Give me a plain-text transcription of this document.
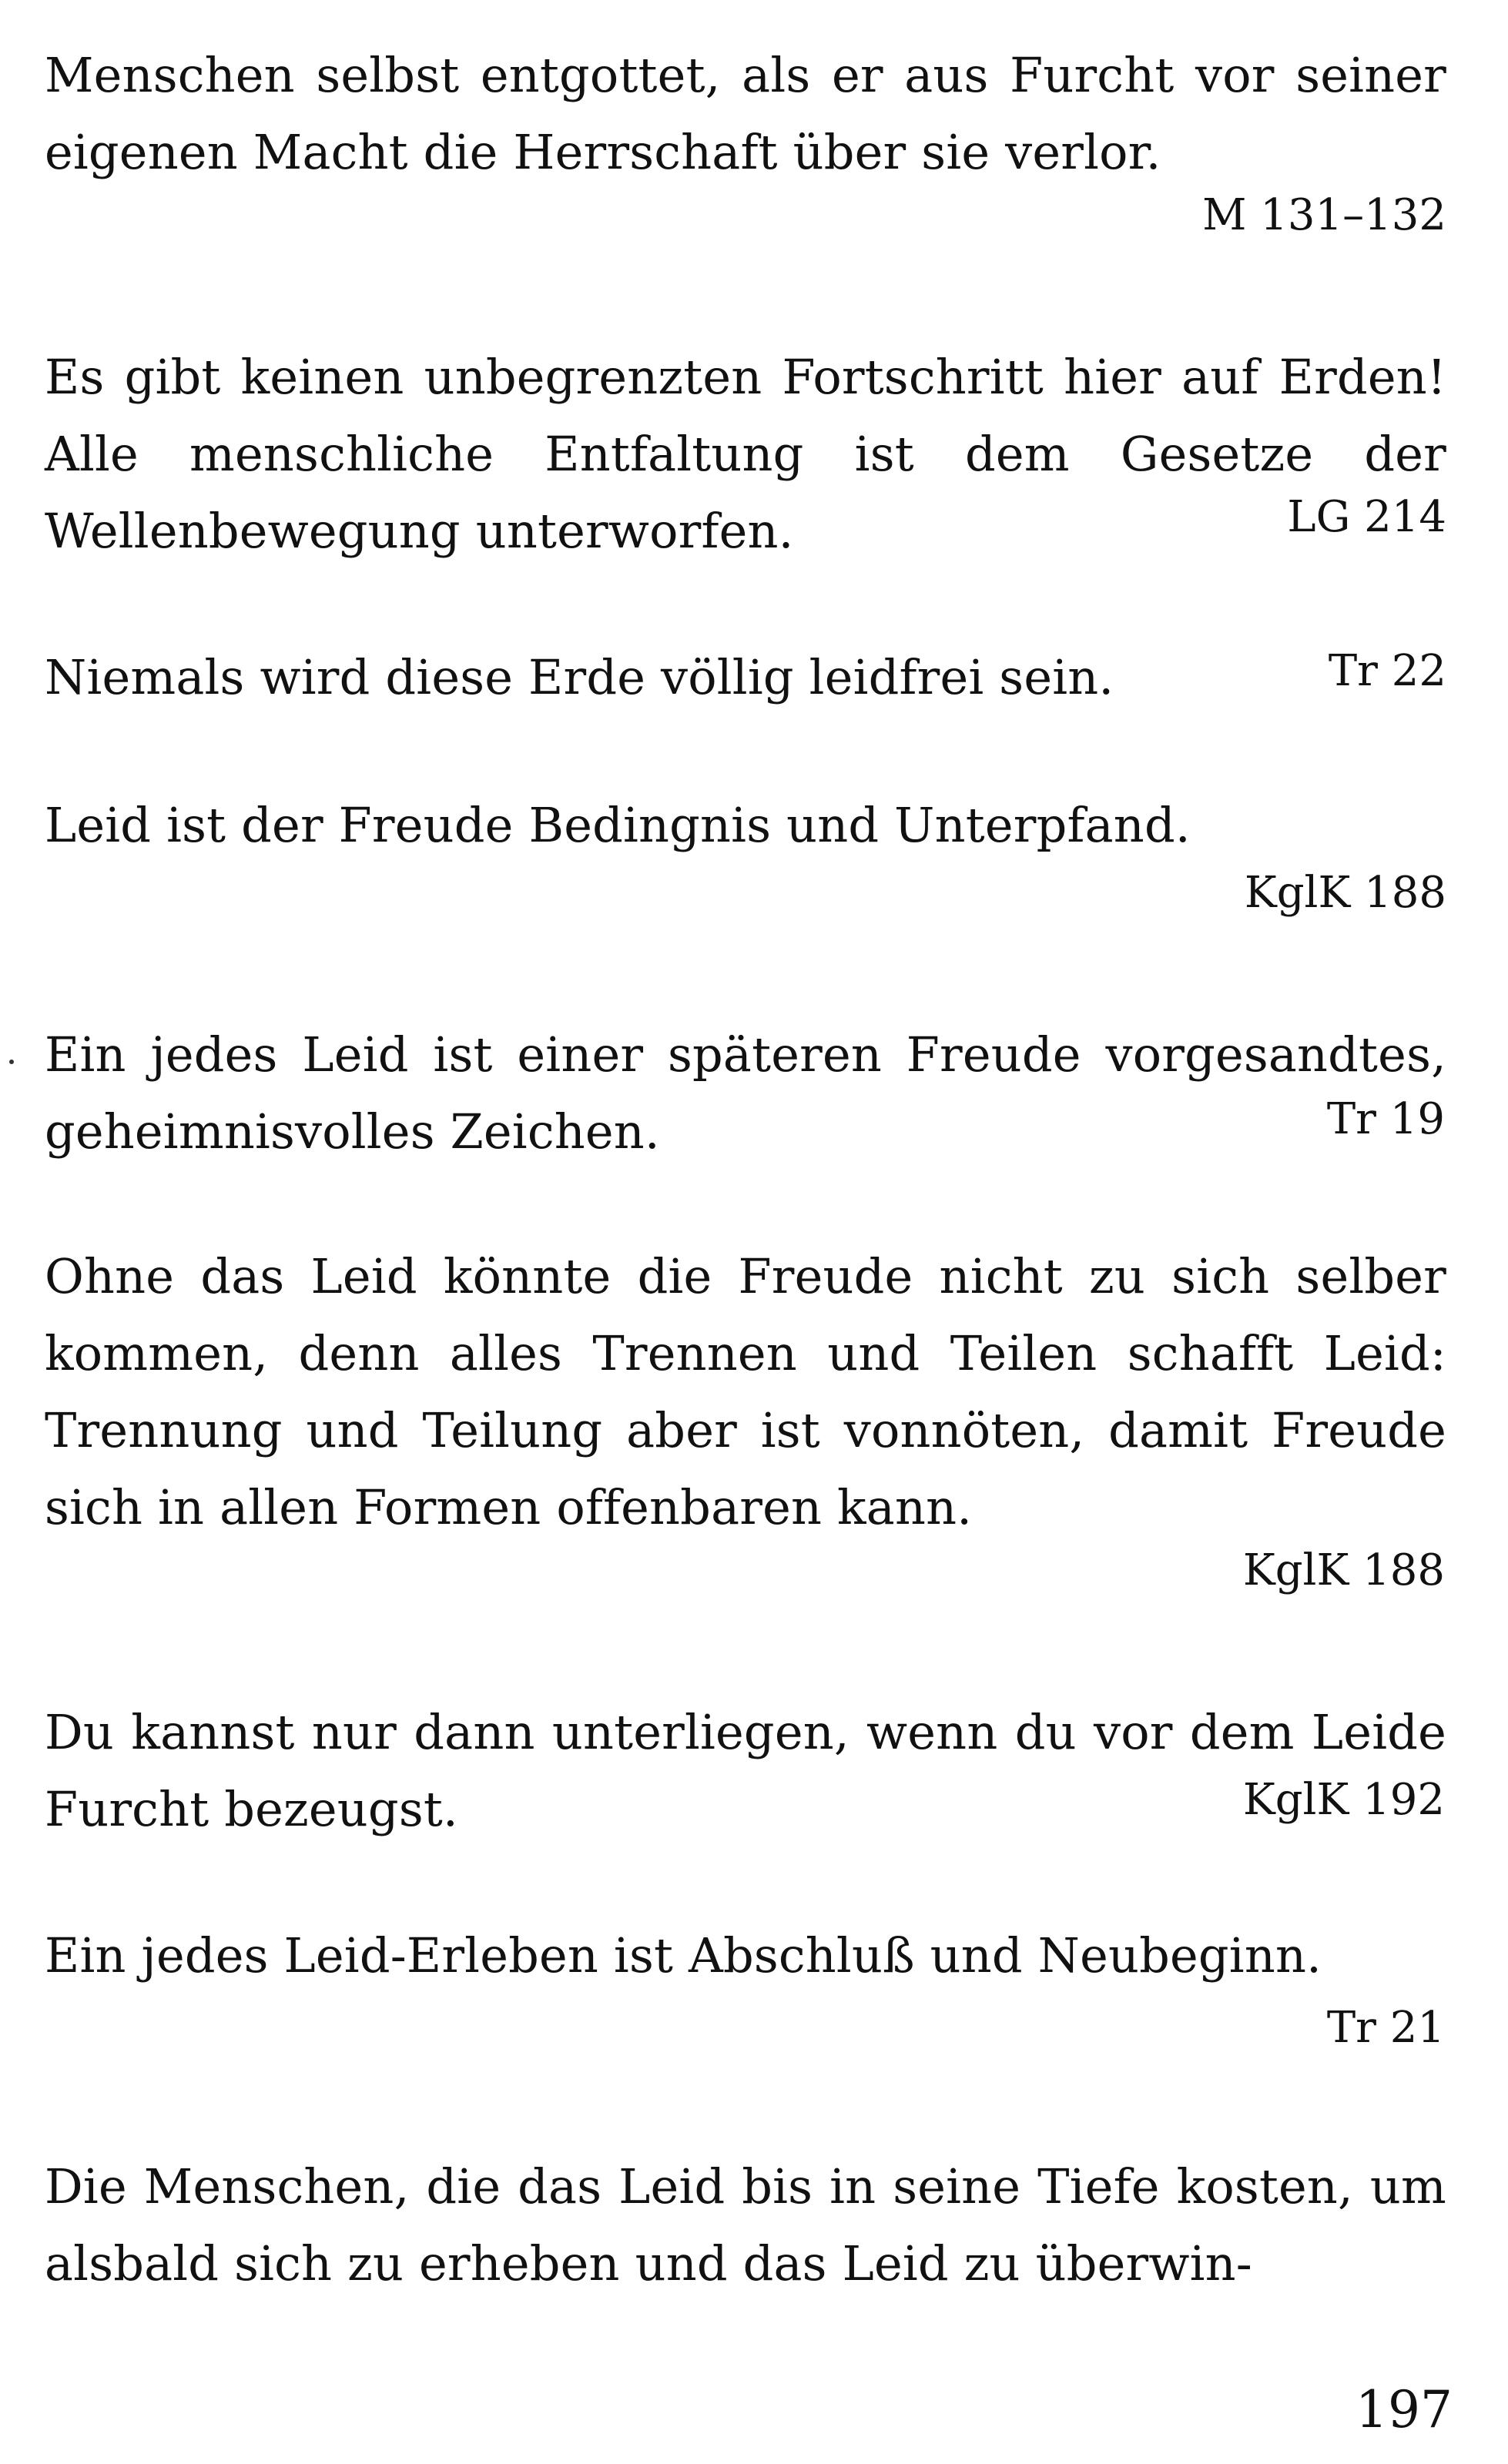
Menschen selbst entgottet, als er aus Furcht vor seiner eigenen Macht die Herrschaft über sie verlor.
M 131–132
Es gibt keinen unbegrenzten Fortschritt hier auf Erden! Alle menschliche Entfaltung ist dem Gesetze der Wellenbewegung unterworfen.	LG 214
Niemals wird diese Erde völlig leidfrei sein.	Tr 22
Leid ist der Freude Bedingnis und Unterpfand.
KglK 188
Ein jedes Leid ist einer späteren Freude vorgesandtes, geheimnisvolles Zeichen.	Tr 19
Ohne das Leid könnte die Freude nicht zu sich selber kommen, denn alles Trennen und Teilen schafft Leid: Trennung und Teilung aber ist vonnöten, damit Freude sich in allen Formen offenbaren kann.
KglK 188
Du kannst nur dann unterliegen, wenn du vor dem Leide Furcht bezeugst.	KglK 192
Ein jedes Leid-Erleben ist Abschluß und Neubeginn.
Tr 21
Die Menschen, die das Leid bis in seine Tiefe kosten, um alsbald sich zu erheben und das Leid zu überwin-
197
